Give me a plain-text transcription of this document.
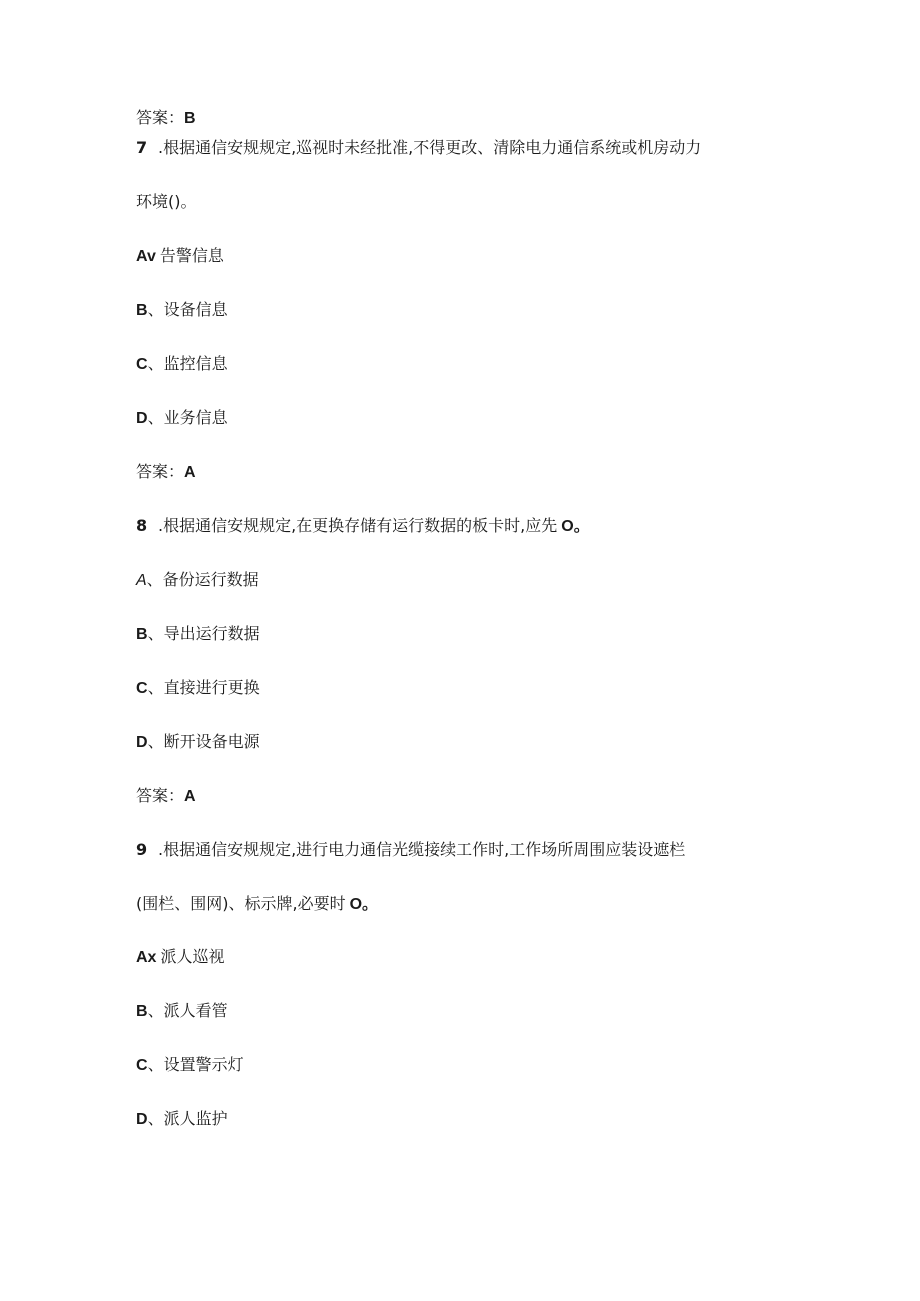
答案：B
7 .根据通信安规规定,巡视时未经批准,不得更改、清除电力通信系统或机房动力
环境()。
Av 告警信息
B、设备信息
C、监控信息
D、业务信息
答案：A
8 .根据通信安规规定,在更换存储有运行数据的板卡时,应先 O。
A、备份运行数据
B、导出运行数据
C、直接进行更换
D、断开设备电源
答案：A
9 .根据通信安规规定,进行电力通信光缆接续工作时,工作场所周围应装设遮栏
(围栏、围网)、标示牌,必要时 O。
Ax 派人巡视
B、派人看管
C、设置警示灯
D、派人监护
